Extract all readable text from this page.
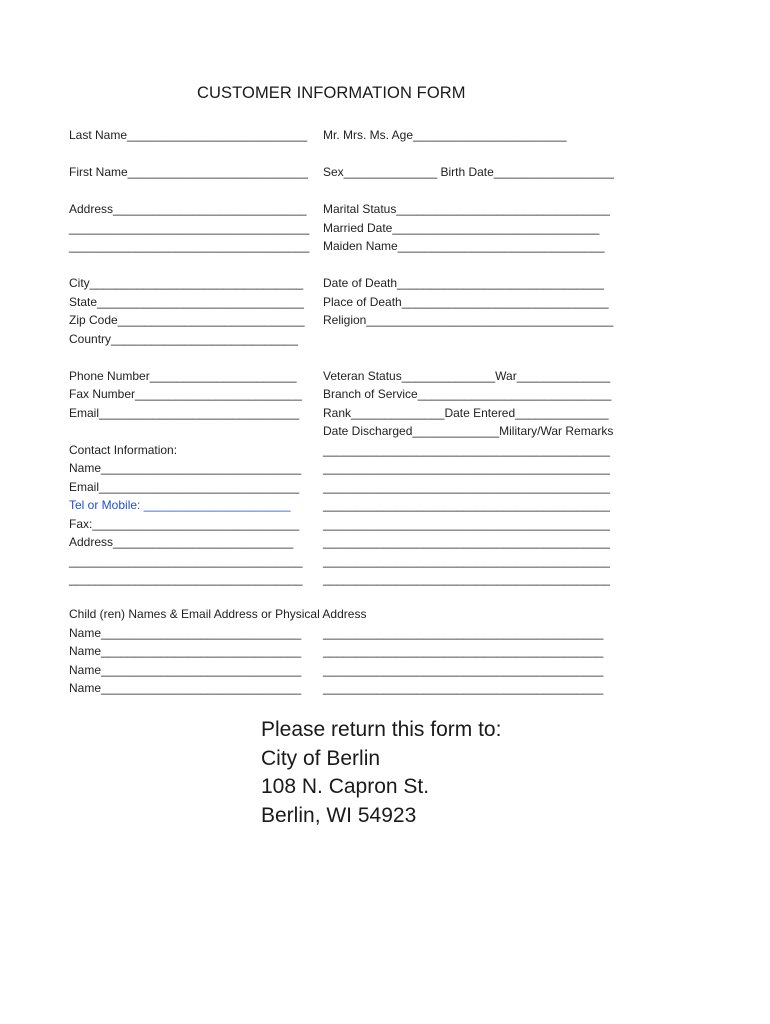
CUSTOMER INFORMATION FORM
Last Name___________________________
First Name___________________________
Address_____________________________
____________________________________
____________________________________
City________________________________
State_______________________________
Zip Code____________________________
Country____________________________
Phone Number______________________
Fax Number_________________________
Email______________________________
Contact Information:
Name______________________________
Email______________________________
Tel or Mobile: ______________________
Fax:_______________________________
Address___________________________
___________________________________
___________________________________
Mr. Mrs. Ms. Age_______________________
Sex______________ Birth Date__________________
Marital Status________________________________
Married Date_______________________________
Maiden Name_______________________________
Date of Death_______________________________
Place of Death_______________________________
Religion_____________________________________
Veteran Status______________War______________
Branch of Service_____________________________
Rank______________Date Entered______________
Date Discharged_____________Military/War Remarks
___________________________________________
___________________________________________
___________________________________________
___________________________________________
___________________________________________
___________________________________________
___________________________________________
___________________________________________
Child (ren) Names & Email Address or Physical Address
Name______________________________ __________________________________________
Name______________________________ __________________________________________
Name______________________________ __________________________________________
Name______________________________ __________________________________________
Please return this form to:
City of Berlin
108 N. Capron St.
Berlin, WI 54923
